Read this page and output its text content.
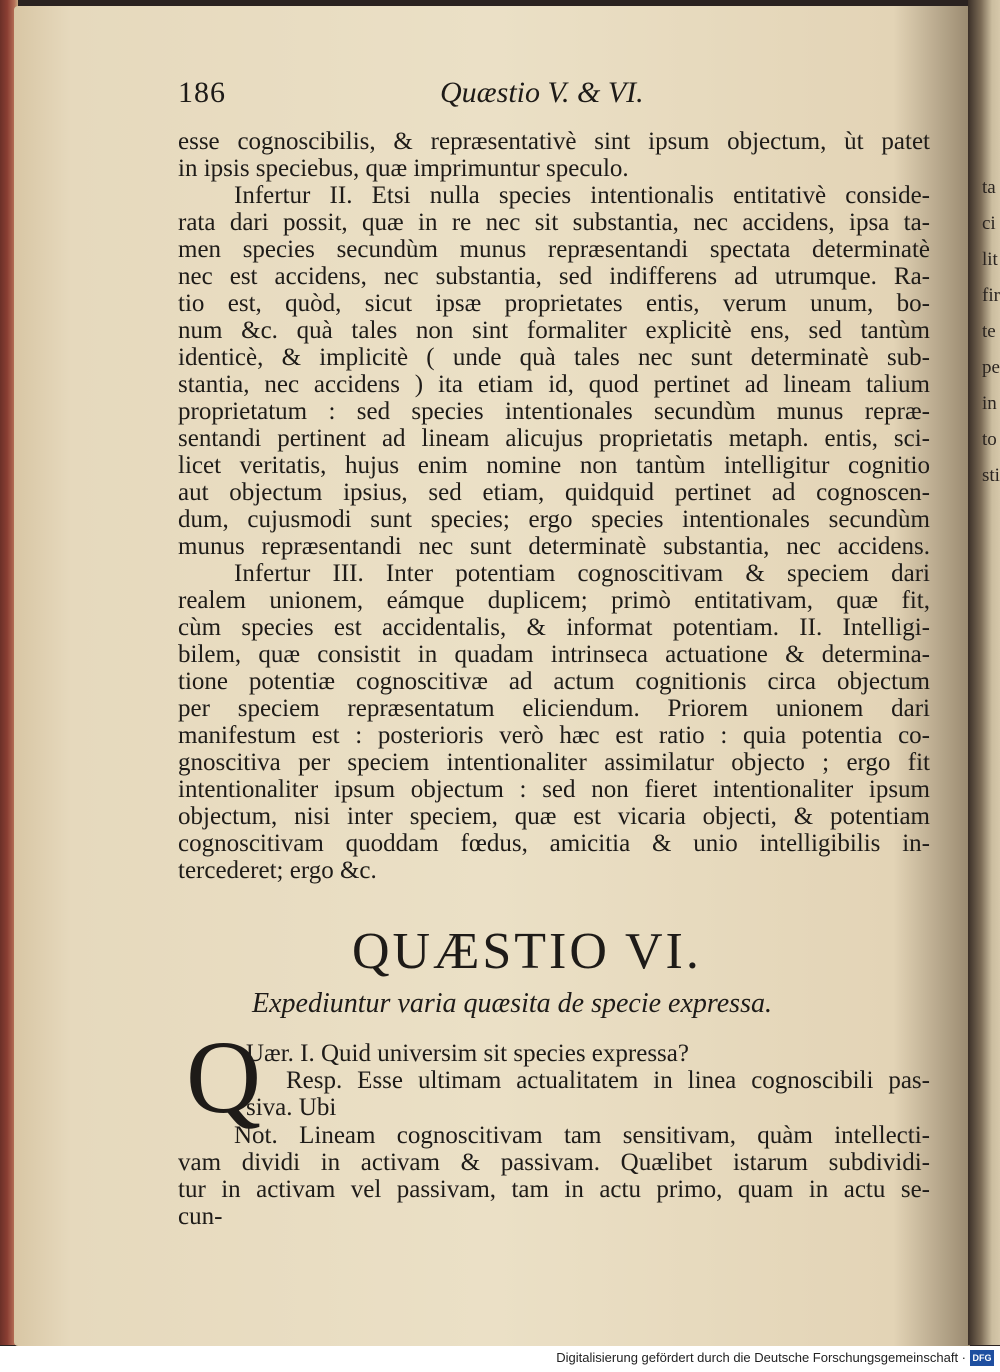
ta ci lit fir te pe in to sti
186	Quæstio V. & VI.
esse cognoscibilis, & repræsentativè sint ipsum objectum, ùt patet
in ipsis speciebus, quæ imprimuntur speculo.
Infertur II. Etsi nulla species intentionalis entitativè conside-
rata dari possit, quæ in re nec sit substantia, nec accidens, ipsa ta-
men species secundùm munus repræsentandi spectata determinatè
nec est accidens, nec substantia, sed indifferens ad utrumque. Ra-
tio est, quòd, sicut ipsæ proprietates entis, verum unum, bo-
num &c. quà tales non sint formaliter explicitè ens, sed tantùm
identicè, & implicitè ( unde quà tales nec sunt determinatè sub-
stantia, nec accidens ) ita etiam id, quod pertinet ad lineam talium
proprietatum : sed species intentionales secundùm munus repræ-
sentandi pertinent ad lineam alicujus proprietatis metaph. entis, sci-
licet veritatis, hujus enim nomine non tantùm intelligitur cognitio
aut objectum ipsius, sed etiam, quidquid pertinet ad cognoscen-
dum, cujusmodi sunt species; ergo species intentionales secundùm
munus repræsentandi nec sunt determinatè substantia, nec accidens.
Infertur III. Inter potentiam cognoscitivam & speciem dari
realem unionem, eámque duplicem; primò entitativam, quæ fit,
cùm species est accidentalis, & informat potentiam. II. Intelligi-
bilem, quæ consistit in quadam intrinseca actuatione & determina-
tione potentiæ cognoscitivæ ad actum cognitionis circa objectum
per speciem repræsentatum eliciendum. Priorem unionem dari
manifestum est : posterioris verò hæc est ratio : quia potentia co-
gnoscitiva per speciem intentionaliter assimilatur objecto ; ergo fit
intentionaliter ipsum objectum : sed non fieret intentionaliter ipsum
objectum, nisi inter speciem, quæ est vicaria objecti, & potentiam
cognoscitivam quoddam fœdus, amicitia & unio intelligibilis in-
tercederet; ergo &c.
QUÆSTIO VI.
Expediuntur varia quæsita de specie expressa.
Q
Uær. I. Quid universim sit species expressa?
Resp. Esse ultimam actualitatem in linea cognoscibili pas-
siva. Ubi
Not. Lineam cognoscitivam tam sensitivam, quàm intellecti-
vam dividi in activam & passivam. Quælibet istarum subdividi-
tur in activam vel passivam, tam in actu primo, quam in actu se-
cun-
Digitalisierung gefördert durch die Deutsche Forschungsgemeinschaft · DFG
